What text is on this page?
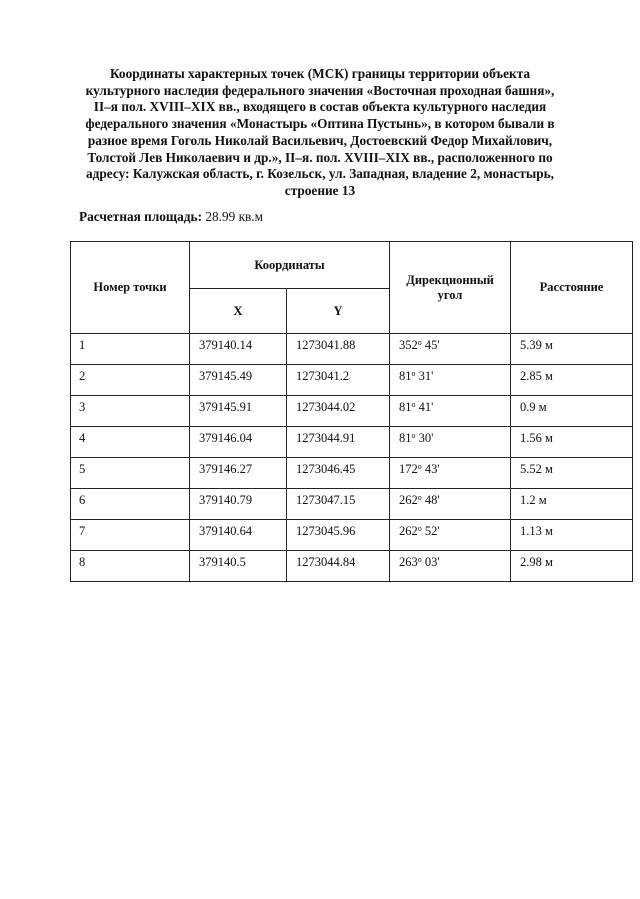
Координаты характерных точек (МСК) границы территории объекта
культурного наследия федерального значения «Восточная проходная башня»,
II–я пол. XVIII–XIX вв., входящего в состав объекта культурного наследия
федерального значения «Монастырь «Оптина Пустынь», в котором бывали в
разное время Гоголь Николай Васильевич, Достоевский Федор Михайлович,
Толстой Лев Николаевич и др.», II–я. пол. XVIII–XIX вв., расположенного по
адресу: Калужская область, г. Козельск, ул. Западная, владение 2, монастырь,
строение 13
Расчетная площадь: 28.99 кв.м
Номер точки	Координаты		Дирекционный
угол	Расстояние
	X	Y		
1	379140.14	1273041.88	352$^o$ 45'	5.39 м
2	379145.49	1273041.2	81$^o$ 31'	2.85 м
3	379145.91	1273044.02	81$^o$ 41'	0.9 м
4	379146.04	1273044.91	81$^o$ 30'	1.56 м
5	379146.27	1273046.45	172$^o$ 43'	5.52 м
6	379140.79	1273047.15	262$^o$ 48'	1.2 м
7	379140.64	1273045.96	262$^o$ 52'	1.13 м
8	379140.5	1273044.84	263$^o$ 03'	2.98 м
